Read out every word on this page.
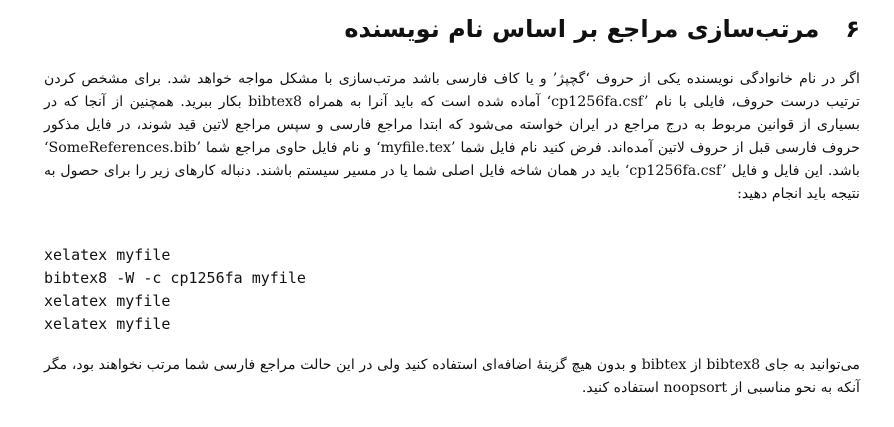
۶
مرتب‌سازی مراجع بر اساس نام نویسنده
اگر در نام خانوادگی نویسنده یکی از حروف ‘گچپژ’ و یا کاف فارسی باشد مرتب‌سازی با مشکل مواجه خواهد شد. برای مشخص کردن ترتیب درست حروف، فایلی با نام ‘cp1256fa.csf’ آماده شده است که باید آنرا به همراه bibtex8 بکار ببرید. همچنین از آنجا که در بسیاری از قوانین مربوط به درج مراجع در ایران خواسته می‌شود که ابتدا مراجع فارسی و سپس مراجع لاتین قید شوند، در فایل مذکور حروف فارسی قبل از حروف لاتین آمده‌اند. فرض کنید نام فایل شما ‘myfile.tex’ و نام فایل حاوی مراجع شما ‘SomeReferences.bib’ باشد. این فایل و فایل ‘cp1256fa.csf’ باید در همان شاخه فایل اصلی شما یا در مسیر سیستم باشند. دنباله کارهای زیر را برای حصول به نتیجه باید انجام دهید:
xelatex myfile
bibtex8 -W -c cp1256fa myfile
xelatex myfile
xelatex myfile
می‌توانید به جای bibtex8 از bibtex و بدون هیچ گزینهٔ اضافه‌ای استفاده کنید ولی در این حالت مراجع فارسی شما مرتب نخواهند بود، مگر آنکه به نحو مناسبی از noopsort استفاده کنید.
